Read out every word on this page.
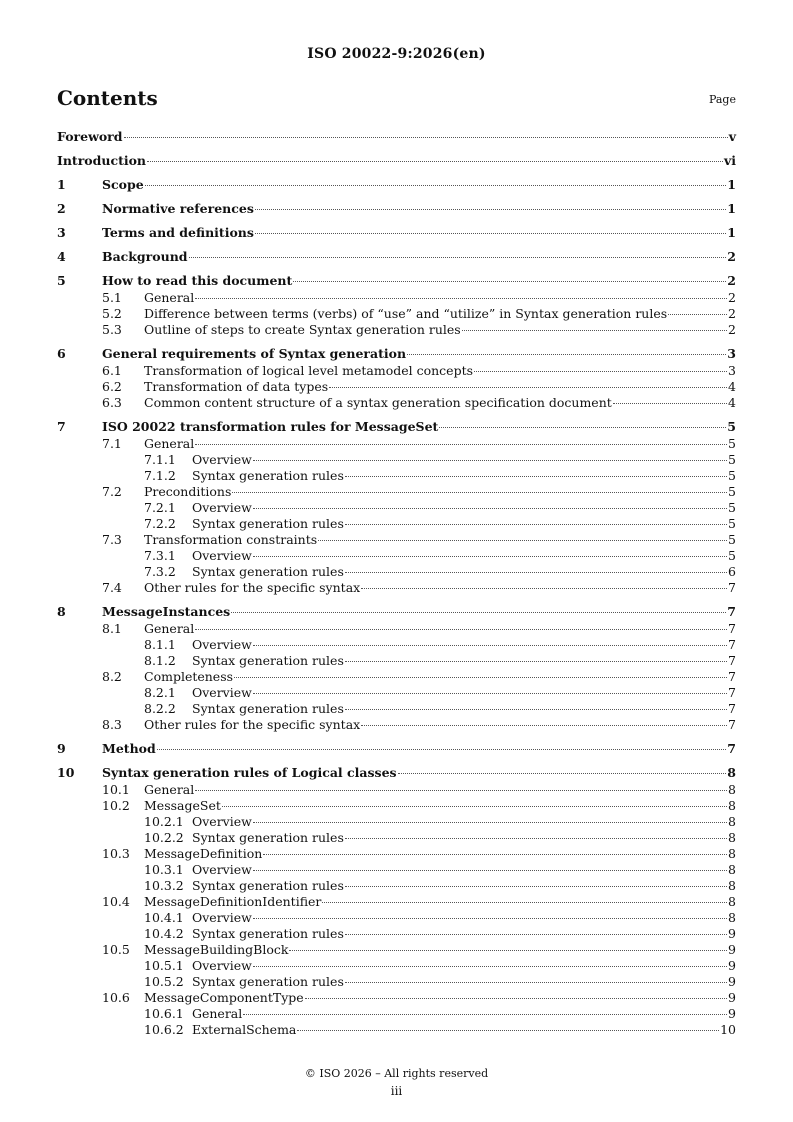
ISO 20022-9:2026(en)
Contents	Page
Foreword	v
Introduction	vi
1	Scope	1
2	Normative references	1
3	Terms and definitions	1
4	Background	2
5	How to read this document	2
5.1	General	2
5.2	Difference between terms (verbs) of “use” and “utilize” in Syntax generation rules	2
5.3	Outline of steps to create Syntax generation rules	2
6	General requirements of Syntax generation	3
6.1	Transformation of logical level metamodel concepts	3
6.2	Transformation of data types	4
6.3	Common content structure of a syntax generation specification document	4
7	ISO 20022 transformation rules for MessageSet	5
7.1	General	5
7.1.1	Overview	5
7.1.2	Syntax generation rules	5
7.2	Preconditions	5
7.2.1	Overview	5
7.2.2	Syntax generation rules	5
7.3	Transformation constraints	5
7.3.1	Overview	5
7.3.2	Syntax generation rules	6
7.4	Other rules for the specific syntax	7
8	MessageInstances	7
8.1	General	7
8.1.1	Overview	7
8.1.2	Syntax generation rules	7
8.2	Completeness	7
8.2.1	Overview	7
8.2.2	Syntax generation rules	7
8.3	Other rules for the specific syntax	7
9	Method	7
10	Syntax generation rules of Logical classes	8
10.1	General	8
10.2	MessageSet	8
10.2.1 Overview	8
10.2.2 Syntax generation rules	8
10.3	MessageDefinition	8
10.3.1 Overview	8
10.3.2 Syntax generation rules	8
10.4	MessageDefinitionIdentifier	8
10.4.1 Overview	8
10.4.2 Syntax generation rules	9
10.5	MessageBuildingBlock	9
10.5.1 Overview	9
10.5.2 Syntax generation rules	9
10.6	MessageComponentType	9
10.6.1 General	9
10.6.2 ExternalSchema	10
© ISO 2026 – All rights reserved
iii
